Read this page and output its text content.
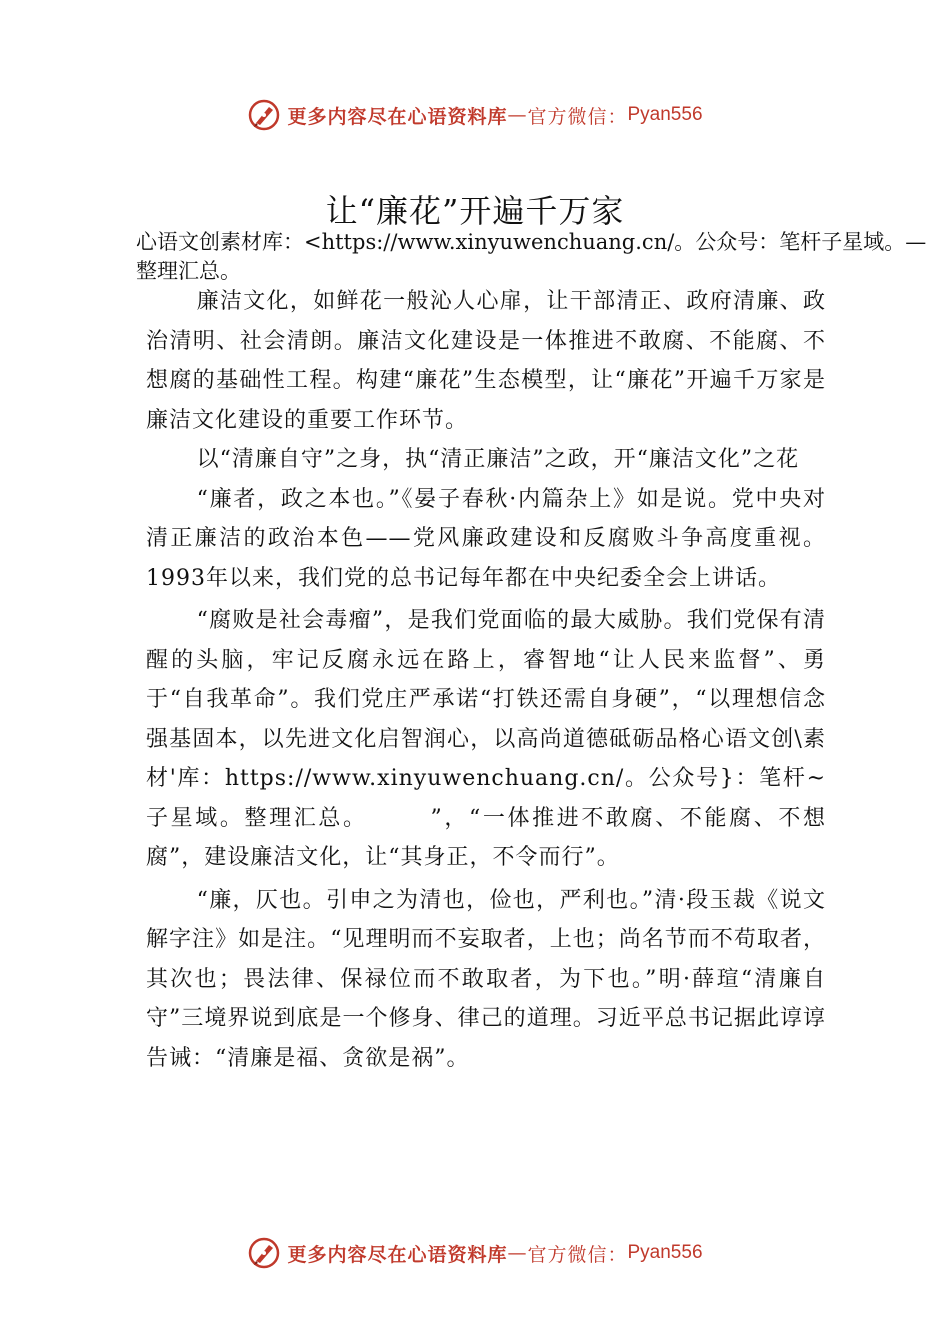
更多内容尽在心语资料库 — 官方微信： Pyan556
让“廉花”开遍千万家

心语文创素材库：<https://www.xinyuwenchuang.cn/。公众号：笔杆子星域。—整理汇总。

廉洁文化，如鲜花一般沁人心扉，让干部清正、政府清廉、政治清明、社会清朗。廉洁文化建设是一体推进不敢腐、不能腐、不想腐的基础性工程。构建“廉花”生态模型，让“廉花”开遍千万家是廉洁文化建设的重要工作环节。

以“清廉自守”之身，执“清正廉洁”之政，开“廉洁文化”之花

“廉者，政之本也。”《晏子春秋·内篇杂上》如是说。党中央对清正廉洁的政治本色——党风廉政建设和反腐败斗争高度重视。1993年以来，我们党的总书记每年都在中央纪委全会上讲话。

“腐败是社会毒瘤”，是我们党面临的最大威胁。我们党保有清醒的头脑，牢记反腐永远在路上，睿智地“让人民来监督”、勇于“自我革命”。我们党庄严承诺“打铁还需自身硬”，“以理想信念强基固本，以先进文化启智润心，以高尚道德砥砺品格心语文创\素材'库：https://www.xinyuwenchuang.cn/。公众号}：笔杆~子星域。整理汇总。　　　”，“一体推进不敢腐、不能腐、不想腐”，建设廉洁文化，让“其身正，不令而行”。

“廉，仄也。引申之为清也，俭也，严利也。”清·段玉裁《说文解字注》如是注。“见理明而不妄取者，上也；尚名节而不苟取者，其次也；畏法律、保禄位而不敢取者，为下也。”明·薛瑄“清廉自守”三境界说到底是一个修身、律己的道理。习近平总书记据此谆谆告诫：“清廉是福、贪欲是祸”。

更多内容尽在心语资料库 — 官方微信： Pyan556
